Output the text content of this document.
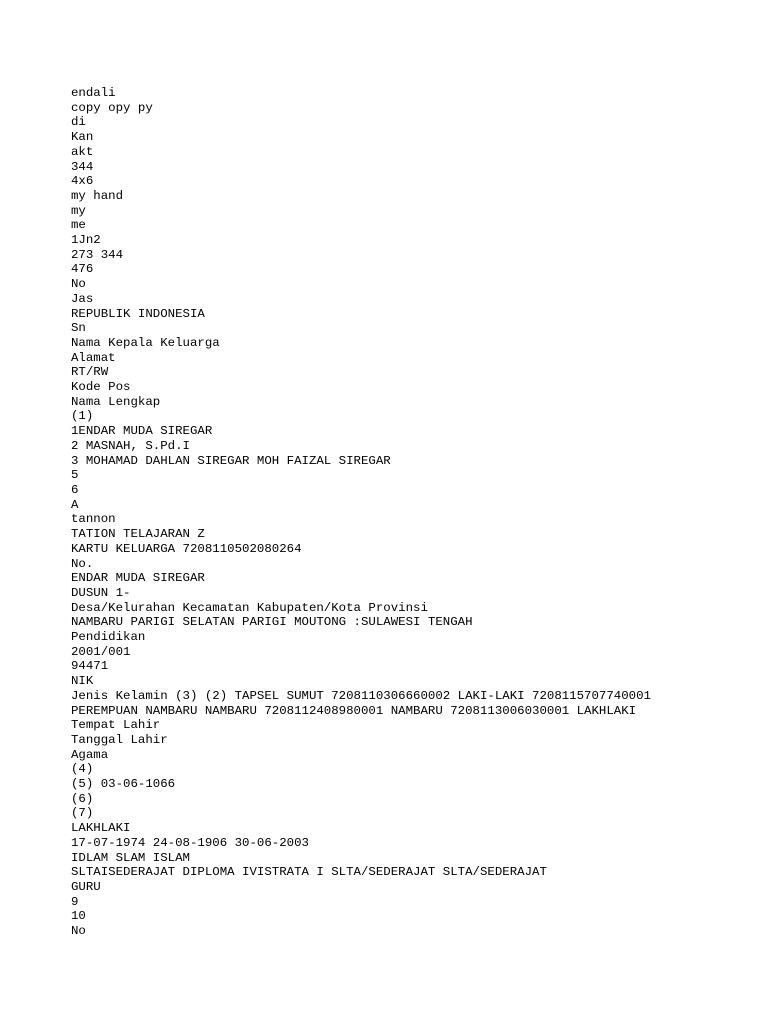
endali
copy opy py
di
Kan
akt
344
4x6
my hand
my
me
1Jn2
273 344
476
No
Jas
REPUBLIK INDONESIA
Sn
Nama Kepala Keluarga
Alamat
RT/RW
Kode Pos
Nama Lengkap
(1)
1ENDAR MUDA SIREGAR
2 MASNAH, S.Pd.I
3 MOHAMAD DAHLAN SIREGAR MOH FAIZAL SIREGAR
5
6
A
tannon
TATION TELAJARAN Z
KARTU KELUARGA 7208110502080264
No.
ENDAR MUDA SIREGAR
DUSUN 1-
Desa/Kelurahan Kecamatan Kabupaten/Kota Provinsi
NAMBARU PARIGI SELATAN PARIGI MOUTONG :SULAWESI TENGAH
Pendidikan
2001/001
94471
NIK
Jenis Kelamin (3) (2) TAPSEL SUMUT 7208110306660002 LAKI-LAKI 7208115707740001
PEREMPUAN NAMBARU NAMBARU 7208112408980001 NAMBARU 7208113006030001 LAKHLAKI
Tempat Lahir
Tanggal Lahir
Agama
(4)
(5) 03-06-1066
(6)
(7)
LAKHLAKI
17-07-1974 24-08-1906 30-06-2003
IDLAM SLAM ISLAM
SLTAISEDERAJAT DIPLOMA IVISTRATA I SLTA/SEDERAJAT SLTA/SEDERAJAT
GURU
9
10
No
